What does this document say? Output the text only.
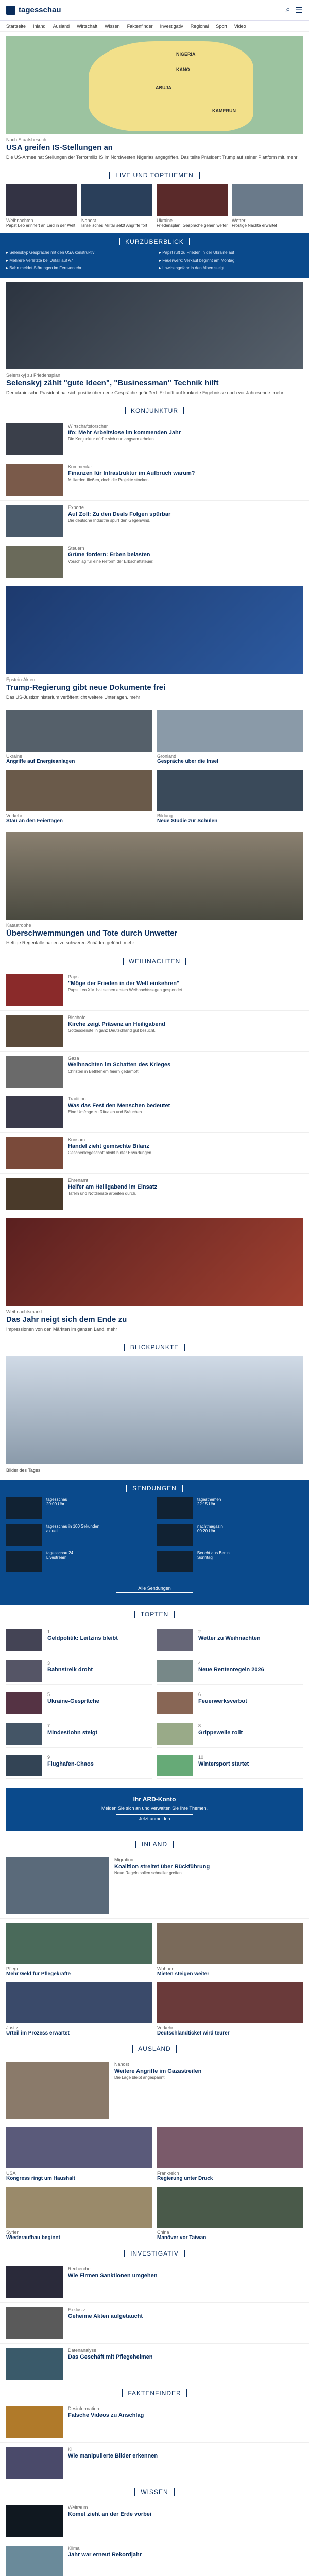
tagesschau	⌕ ☰
Startseite Inland Ausland Wirtschaft Wissen Faktenfinder Investigativ Regional Sport Video
NIGERIA
KAMERUN
ABUJA
KANO
Nach Staatsbesuch
USA greifen IS-Stellungen an

Die US-Armee hat Stellungen der Terrormiliz IS im Nordwesten Nigerias angegriffen. Das teilte Präsident Trump auf seiner Plattform mit. mehr

LIVE UND TOPTHEMEN
Weihnachten
Papst Leo erinnert an Leid in der Welt
Nahost
Israelisches Militär setzt Angriffe fort
Ukraine
Friedensplan: Gespräche gehen weiter
Wetter
Frostige Nächte erwartet
KURZÜBERBLICK
▸ Selenskyj: Gespräche mit den USA konstruktiv	▸ Papst ruft zu Frieden in der Ukraine auf
▸ Mehrere Verletzte bei Unfall auf A7	▸ Feuerwerk: Verkauf beginnt am Montag
▸ Bahn meldet Störungen im Fernverkehr	▸ Lawinengefahr in den Alpen steigt
Selenskyj zu Friedensplan
Selenskyj zählt "gute Ideen", "Businessman" Technik hilft

Der ukrainische Präsident hat sich positiv über neue Gespräche geäußert. Er hofft auf konkrete Ergebnisse noch vor Jahresende. mehr

KONJUNKTUR
Wirtschaftsforscher
Ifo: Mehr Arbeitslose im kommenden Jahr
Die Konjunktur dürfte sich nur langsam erholen.
Kommentar
Finanzen für Infrastruktur im Aufbruch warum?
Milliarden fließen, doch die Projekte stocken.
Exporte
Auf Zoll: Zu den Deals Folgen spürbar
Die deutsche Industrie spürt den Gegenwind.
Steuern
Grüne fordern: Erben belasten
Vorschlag für eine Reform der Erbschaftsteuer.
Epstein-Akten
Trump-Regierung gibt neue Dokumente frei

Das US-Justizministerium veröffentlicht weitere Unterlagen. mehr

Ukraine
Angriffe auf Energieanlagen
Grönland
Gespräche über die Insel
Verkehr
Stau an den Feiertagen
Bildung
Neue Studie zur Schulen
Katastrophe
Überschwemmungen und Tote durch Unwetter

Heftige Regenfälle haben zu schweren Schäden geführt. mehr

WEIHNACHTEN
Papst
"Möge der Frieden in der Welt einkehren"
Papst Leo XIV. hat seinen ersten Weihnachtssegen gespendet.
Bischöfe
Kirche zeigt Präsenz an Heiligabend
Gottesdienste in ganz Deutschland gut besucht.
Gaza
Weihnachten im Schatten des Krieges
Christen in Bethlehem feiern gedämpft.
Tradition
Was das Fest den Menschen bedeutet
Eine Umfrage zu Ritualen und Bräuchen.
Konsum
Handel zieht gemischte Bilanz
Geschenkegeschäft bleibt hinter Erwartungen.
Ehrenamt
Helfer am Heiligabend im Einsatz
Tafeln und Notdienste arbeiten durch.
Weihnachtsmarkt
Das Jahr neigt sich dem Ende zu

Impressionen von den Märkten im ganzen Land. mehr

BLICKPUNKTE

Bilder des Tages

SENDUNGEN
tagesschau
20:00 Uhr
tagesthemen
22:15 Uhr
tagesschau in 100 Sekunden
aktuell
nachtmagazin
00:20 Uhr
tagesschau 24
Livestream
Bericht aus Berlin
Sonntag
Alle Sendungen
TOPTEN
1
Geldpolitik: Leitzins bleibt
2
Wetter zu Weihnachten
3
Bahnstreik droht
4
Neue Rentenregeln 2026
5
Ukraine-Gespräche
6
Feuerwerksverbot
7
Mindestlohn steigt
8
Grippewelle rollt
9
Flughafen-Chaos
10
Wintersport startet
Ihr ARD-Konto
Melden Sie sich an und verwalten Sie Ihre Themen.
Jetzt anmelden
INLAND
Migration
Koalition streitet über Rückführung
Neue Regeln sollen schneller greifen.
Pflege
Mehr Geld für Pflegekräfte
Wohnen
Mieten steigen weiter
Justiz
Urteil im Prozess erwartet
Verkehr
Deutschlandticket wird teurer
AUSLAND
Nahost
Weitere Angriffe im Gazastreifen
Die Lage bleibt angespannt.
USA
Kongress ringt um Haushalt
Frankreich
Regierung unter Druck
Syrien
Wiederaufbau beginnt
China
Manöver vor Taiwan
INVESTIGATIV
Recherche
Wie Firmen Sanktionen umgehen
Exklusiv
Geheime Akten aufgetaucht
Datenanalyse
Das Geschäft mit Pflegeheimen
FAKTENFINDER
Desinformation
Falsche Videos zu Anschlag
KI
Wie manipulierte Bilder erkennen
WISSEN
Weltraum
Komet zieht an der Erde vorbei
Klima
Jahr war erneut Rekordjahr
